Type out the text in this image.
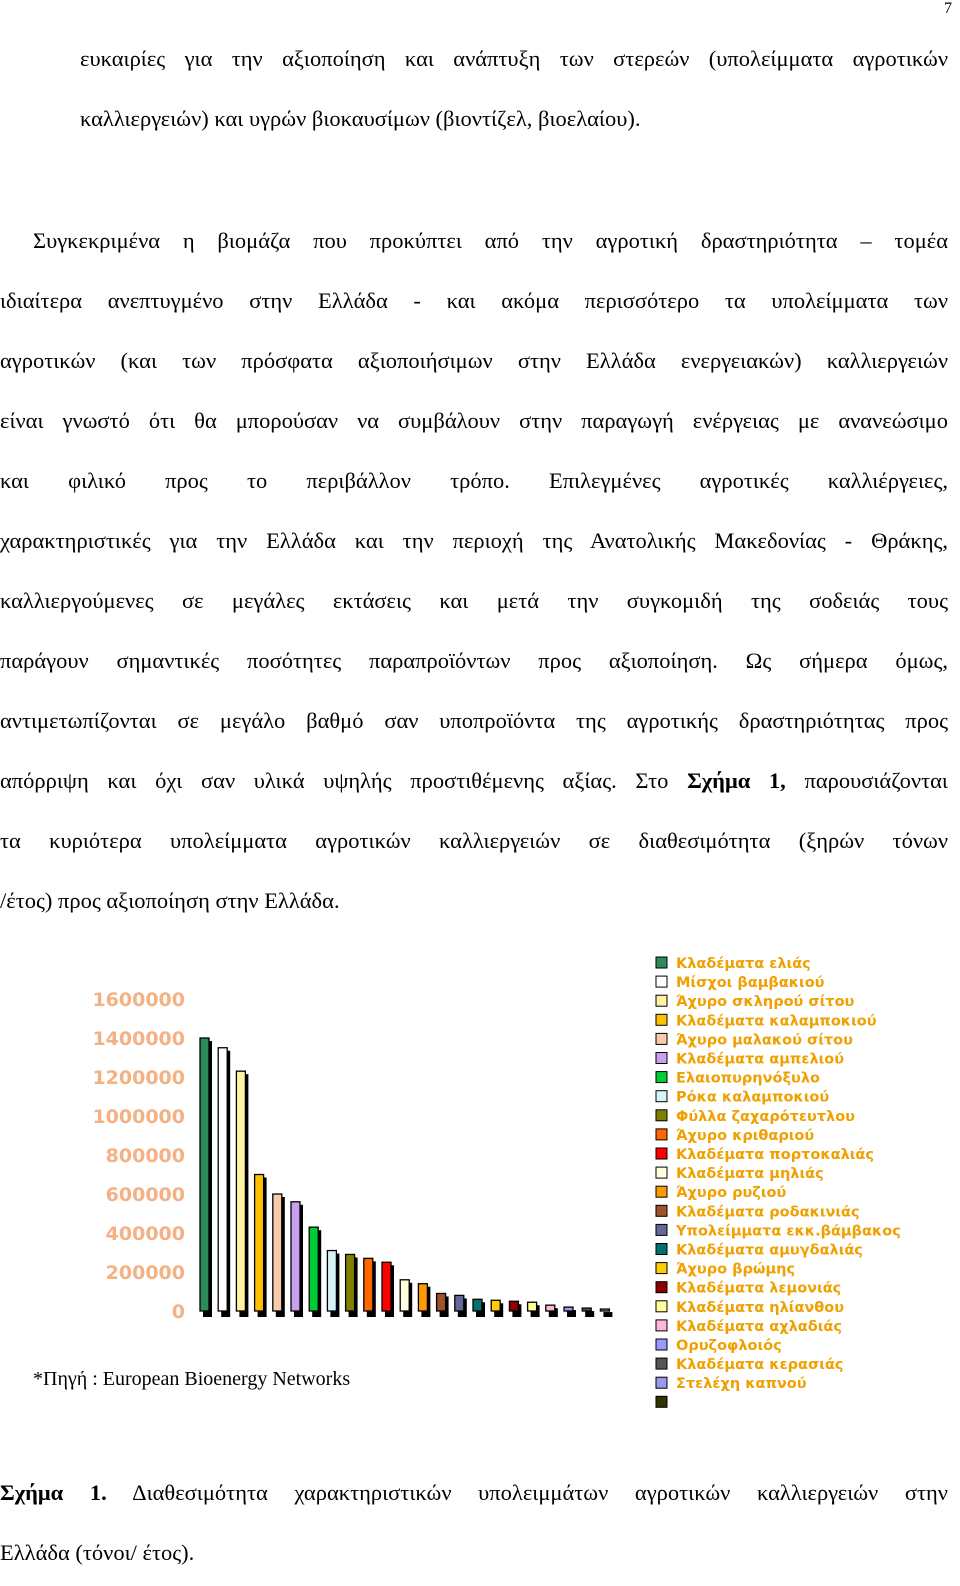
7
ευκαιρίες για την αξιοποίηση και ανάπτυξη των στερεών (υπολείμματα αγροτικών
καλλιεργειών) και υγρών βιοκαυσίμων (βιοντίζελ, βιοελαίου).
Συγκεκριμένα η βιομάζα που προκύπτει από την αγροτική δραστηριότητα – τομέα
ιδιαίτερα ανεπτυγμένο στην Ελλάδα - και ακόμα περισσότερο τα υπολείμματα των
αγροτικών (και των πρόσφατα αξιοποιήσιμων στην Ελλάδα ενεργειακών) καλλιεργειών
είναι γνωστό ότι θα μπορούσαν να συμβάλουν στην παραγωγή ενέργειας με ανανεώσιμο
και φιλικό προς το περιβάλλον τρόπο. Επιλεγμένες αγροτικές καλλιέργειες,
χαρακτηριστικές για την Ελλάδα και την περιοχή της Ανατολικής Μακεδονίας - Θράκης,
καλλιεργούμενες σε μεγάλες εκτάσεις και μετά την συγκομιδή της σοδειάς τους
παράγουν σημαντικές ποσότητες παραπροϊόντων προς αξιοποίηση. Ως σήμερα όμως,
αντιμετωπίζονται σε μεγάλο βαθμό σαν υποπροϊόντα της αγροτικής δραστηριότητας προς
απόρριψη και όχι σαν υλικά υψηλής προστιθέμενης αξίας. Στο Σχήμα 1, παρουσιάζονται
τα κυριότερα υπολείμματα αγροτικών καλλιεργειών σε διαθεσιμότητα (ξηρών τόνων
/έτος) προς αξιοποίηση στην Ελλάδα.
1600000
1400000
1200000
1000000
800000
600000
400000
200000
0
Κλαδέματα ελιάς
Μίσχοι βαμβακιού
Άχυρο σκληρού σίτου
Κλαδέματα καλαμποκιού
Άχυρο μαλακού σίτου
Κλαδέματα αμπελιού
Ελαιοπυρηνόξυλο
Ρόκα καλαμποκιού
Φύλλα ζαχαρότευτλου
Άχυρο κριθαριού
Κλαδέματα πορτοκαλιάς
Κλαδέματα μηλιάς
Άχυρο ρυζιού
Κλαδέματα ροδακινιάς
Υπολείμματα εκκ.βάμβακος
Κλαδέματα αμυγδαλιάς
Άχυρο βρώμης
Κλαδέματα λεμονιάς
Κλαδέματα ηλίανθου
Κλαδέματα αχλαδιάς
Ορυζοφλοιός
Κλαδέματα κερασιάς
Στελέχη καπνού
*Πηγή : European Bioenergy Networks
Σχήμα 1. Διαθεσιμότητα χαρακτηριστικών υπολειμμάτων αγροτικών καλλιεργειών στην
Ελλάδα (τόνοι/ έτος).
